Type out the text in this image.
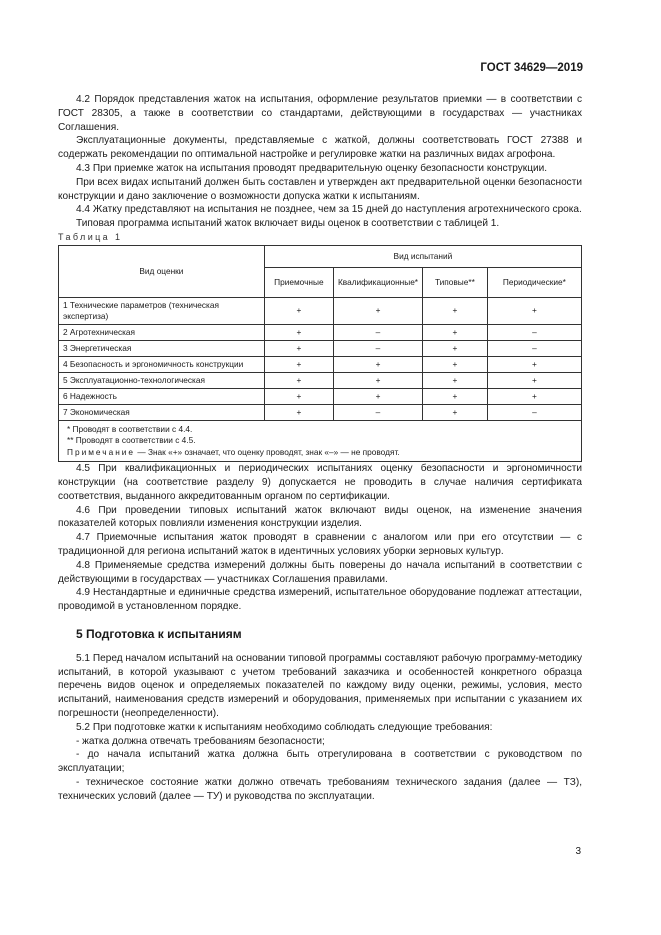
ГОСТ 34629—2019

4.2 Порядок представления жаток на испытания, оформление результатов приемки — в соответствии с ГОСТ 28305, а также в соответствии со стандартами, действующими в государствах — участниках Соглашения.

Эксплуатационные документы, представляемые с жаткой, должны соответствовать ГОСТ 27388 и содержать рекомендации по оптимальной настройке и регулировке жатки на различных видах агрофона.

4.3 При приемке жаток на испытания проводят предварительную оценку безопасности конструкции.

При всех видах испытаний должен быть составлен и утвержден акт предварительной оценки безопасности конструкции и дано заключение о возможности допуска жатки к испытаниям.

4.4 Жатку представляют на испытания не позднее, чем за 15 дней до наступления агротехнического срока.

Типовая программа испытаний жаток включает виды оценок в соответствии с таблицей 1.

Таблица 1

Вид оценки	Вид испытаний			
	Приемочные	Квалификационные*	Типовые**	Периодические*
1 Технические параметров (техническая экспертиза)	+	+	+	+
2 Агротехническая	+	–	+	–
3 Энергетическая	+	–	+	–
4 Безопасность и эргономичность конструкции	+	+	+	+
5 Эксплуатационно-технологическая	+	+	+	+
6 Надежность	+	+	+	+
7 Экономическая	+	–	+	–

* Проводят в соответствии с 4.4.
** Проводят в соответствии с 4.5.
Примечание — Знак «+» означает, что оценку проводят, знак «–» — не проводят.				

4.5 При квалификационных и периодических испытаниях оценку безопасности и эргономичности конструкции (на соответствие разделу 9) допускается не проводить в случае наличия сертификата соответствия, выданного аккредитованным органом по сертификации.

4.6 При проведении типовых испытаний жаток включают виды оценок, на изменение значения показателей которых повлияли изменения конструкции изделия.

4.7 Приемочные испытания жаток проводят в сравнении с аналогом или при его отсутствии — с традиционной для региона испытаний жаток в идентичных условиях уборки зерновых культур.

4.8 Применяемые средства измерений должны быть поверены до начала испытаний в соответствии с действующими в государствах — участниках Соглашения правилами.

4.9 Нестандартные и единичные средства измерений, испытательное оборудование подлежат аттестации, проводимой в установленном порядке.

5 Подготовка к испытаниям

5.1 Перед началом испытаний на основании типовой программы составляют рабочую программу-методику испытаний, в которой указывают с учетом требований заказчика и особенностей конкретного образца перечень видов оценок и определяемых показателей по каждому виду оценки, режимы, условия, место испытаний, наименования средств измерений и оборудования, применяемых при испытании с указанием их погрешности (неопределенности).

5.2 При подготовке жатки к испытаниям необходимо соблюдать следующие требования:

- жатка должна отвечать требованиям безопасности;

- до начала испытаний жатка должна быть отрегулирована в соответствии с руководством по эксплуатации;

- техническое состояние жатки должно отвечать требованиям технического задания (далее — ТЗ), технических условий (далее — ТУ) и руководства по эксплуатации.

3
